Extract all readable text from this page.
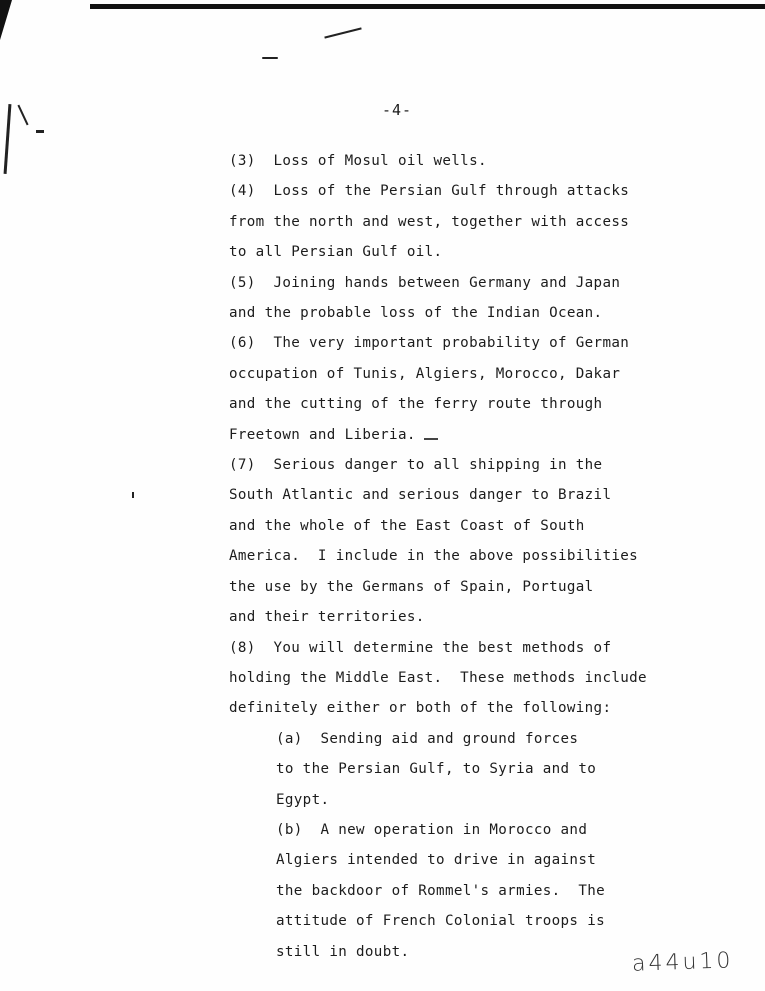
-4-
(3)  Loss of Mosul oil wells.
(4)  Loss of the Persian Gulf through attacks
from the north and west, together with access
to all Persian Gulf oil.
(5)  Joining hands between Germany and Japan
and the probable loss of the Indian Ocean.
(6)  The very important probability of German
occupation of Tunis, Algiers, Morocco, Dakar
and the cutting of the ferry route through
Freetown and Liberia.
(7)  Serious danger to all shipping in the
South Atlantic and serious danger to Brazil
and the whole of the East Coast of South
America.  I include in the above possibilities
the use by the Germans of Spain, Portugal
and their territories.
(8)  You will determine the best methods of
holding the Middle East.  These methods include
definitely either or both of the following:
(a)  Sending aid and ground forces
to the Persian Gulf, to Syria and to
Egypt.
(b)  A new operation in Morocco and
Algiers intended to drive in against
the backdoor of Rommel's armies.  The
attitude of French Colonial troops is
still in doubt.	a44u10
